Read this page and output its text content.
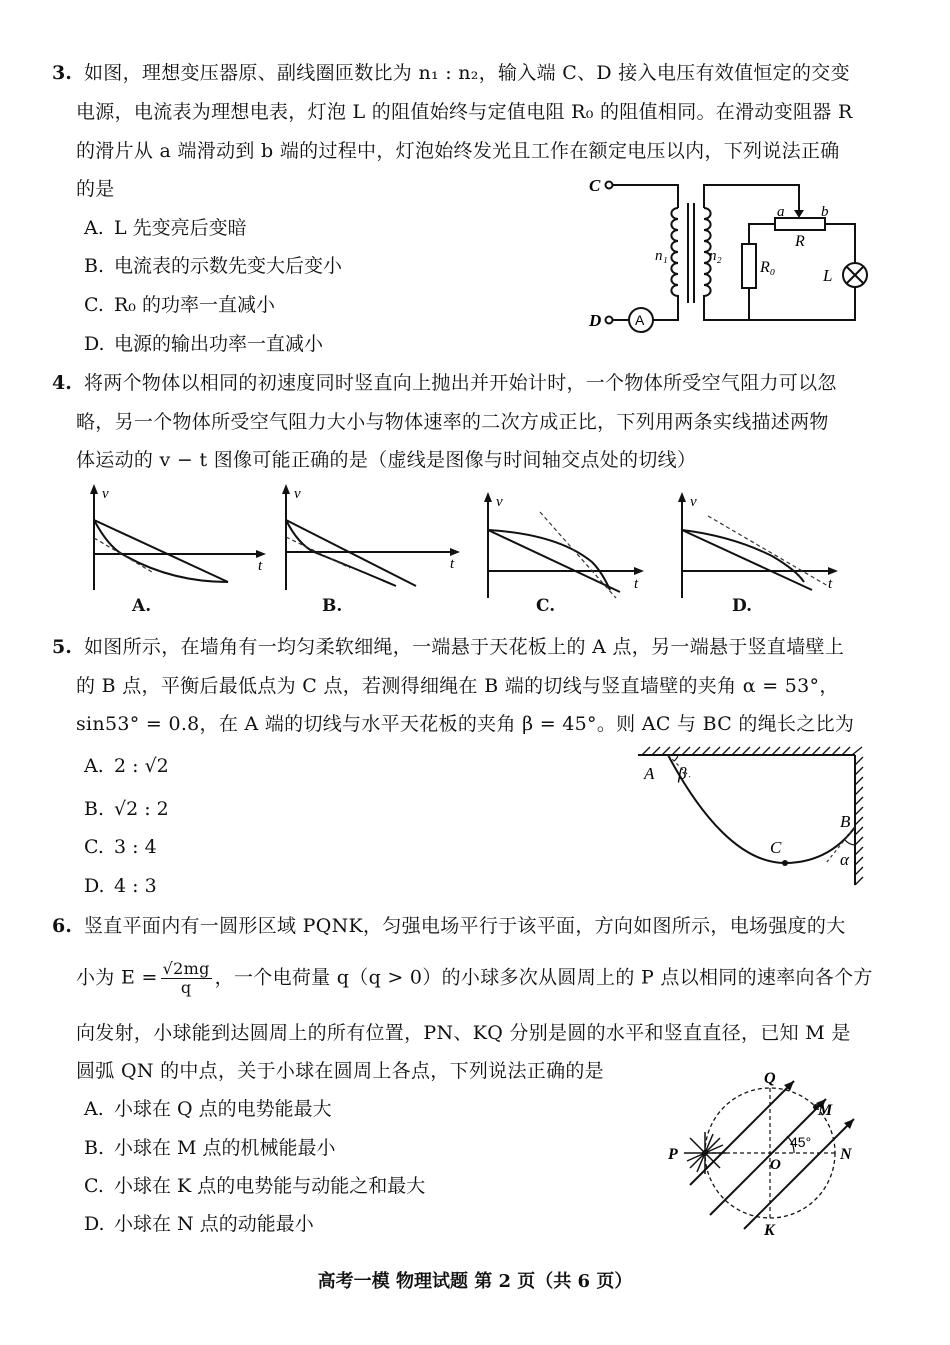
3. 如图，理想变压器原、副线圈匝数比为 n₁ : n₂，输入端 C、D 接入电压有效值恒定的交变
电源，电流表为理想电表，灯泡 L 的阻值始终与定值电阻 R₀ 的阻值相同。在滑动变阻器 R
的滑片从 a 端滑动到 b 端的过程中，灯泡始终发光且工作在额定电压以内，下列说法正确
的是
A. L 先变亮后变暗
B. 电流表的示数先变大后变小
C. R₀ 的功率一直减小
D. 电源的输出功率一直减小
C
D A
n₁	n₂
a b
R
R₀	L
4. 将两个物体以相同的初速度同时竖直向上抛出并开始计时，一个物体所受空气阻力可以忽
略，另一个物体所受空气阻力大小与物体速率的二次方成正比，下列用两条实线描述两物
体运动的 v − t 图像可能正确的是（虚线是图像与时间轴交点处的切线）
v
t
A.
v
t
B.
v
t
C.
v
t
D.
5. 如图所示，在墙角有一均匀柔软细绳，一端悬于天花板上的 A 点，另一端悬于竖直墙壁上
的 B 点，平衡后最低点为 C 点，若测得细绳在 B 端的切线与竖直墙壁的夹角 α = 53°，
sin53° = 0.8，在 A 端的切线与水平天花板的夹角 β = 45°。则 AC 与 BC 的绳长之比为
A. 2 : √2
B. √2 : 2
C. 3 : 4
D. 4 : 3
A β
C
B
α
6. 竖直平面内有一圆形区域 PQNK，匀强电场平行于该平面，方向如图所示，电场强度的大
小为 $E = \frac{√2mg}{q}$ ，一个电荷量 q（q > 0）的小球多次从圆周上的 P 点以相同的速率向各个方
向发射，小球能到达圆周上的所有位置，PN、KQ 分别是圆的水平和竖直直径，已知 M 是
圆弧 QN 的中点，关于小球在圆周上各点，下列说法正确的是
A. 小球在 Q 点的电势能最大
B. 小球在 M 点的机械能最小
C. 小球在 K 点的电势能与动能之和最大
D. 小球在 N 点的动能最小
Q
M
P
O
N
K
45°
高考一模 物理试题 第 2 页（共 6 页）
